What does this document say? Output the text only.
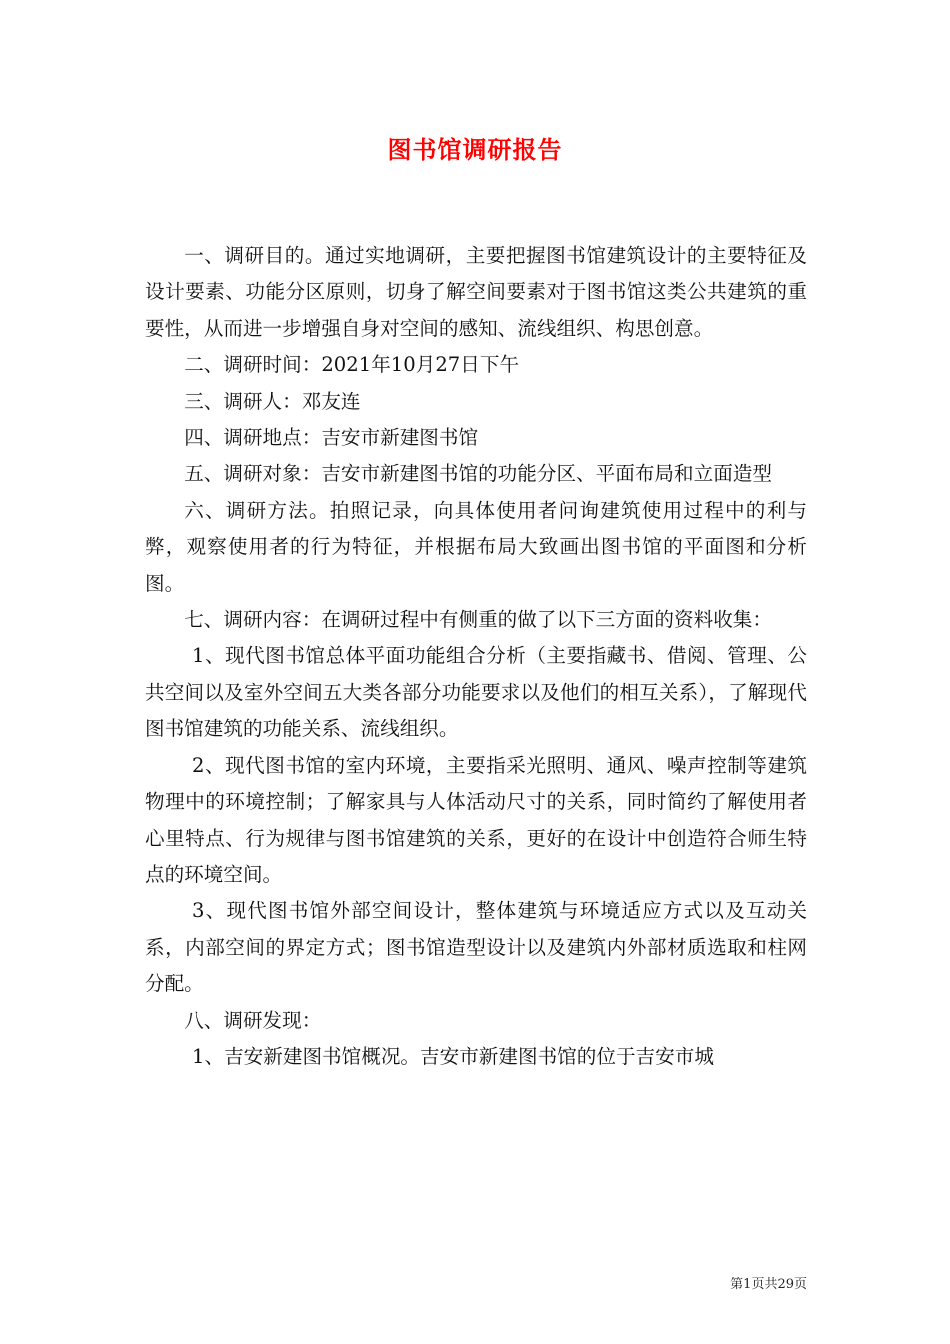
图书馆调研报告

一、调研目的。通过实地调研，主要把握图书馆建筑设计的主要特征及设计要素、功能分区原则，切身了解空间要素对于图书馆这类公共建筑的重要性，从而进一步增强自身对空间的感知、流线组织、构思创意。

二、调研时间：2021年10月27日下午

三、调研人：邓友连

四、调研地点：吉安市新建图书馆

五、调研对象：吉安市新建图书馆的功能分区、平面布局和立面造型

六、调研方法。拍照记录，向具体使用者问询建筑使用过程中的利与弊，观察使用者的行为特征，并根据布局大致画出图书馆的平面图和分析图。

七、调研内容：在调研过程中有侧重的做了以下三方面的资料收集：

1、现代图书馆总体平面功能组合分析（主要指藏书、借阅、管理、公共空间以及室外空间五大类各部分功能要求以及他们的相互关系），了解现代图书馆建筑的功能关系、流线组织。

2、现代图书馆的室内环境，主要指采光照明、通风、噪声控制等建筑物理中的环境控制；了解家具与人体活动尺寸的关系，同时简约了解使用者心里特点、行为规律与图书馆建筑的关系，更好的在设计中创造符合师生特点的环境空间。

3、现代图书馆外部空间设计，整体建筑与环境适应方式以及互动关系，内部空间的界定方式；图书馆造型设计以及建筑内外部材质选取和柱网分配。

八、调研发现：

1、吉安新建图书馆概况。吉安市新建图书馆的位于吉安市城

第1页共29页
